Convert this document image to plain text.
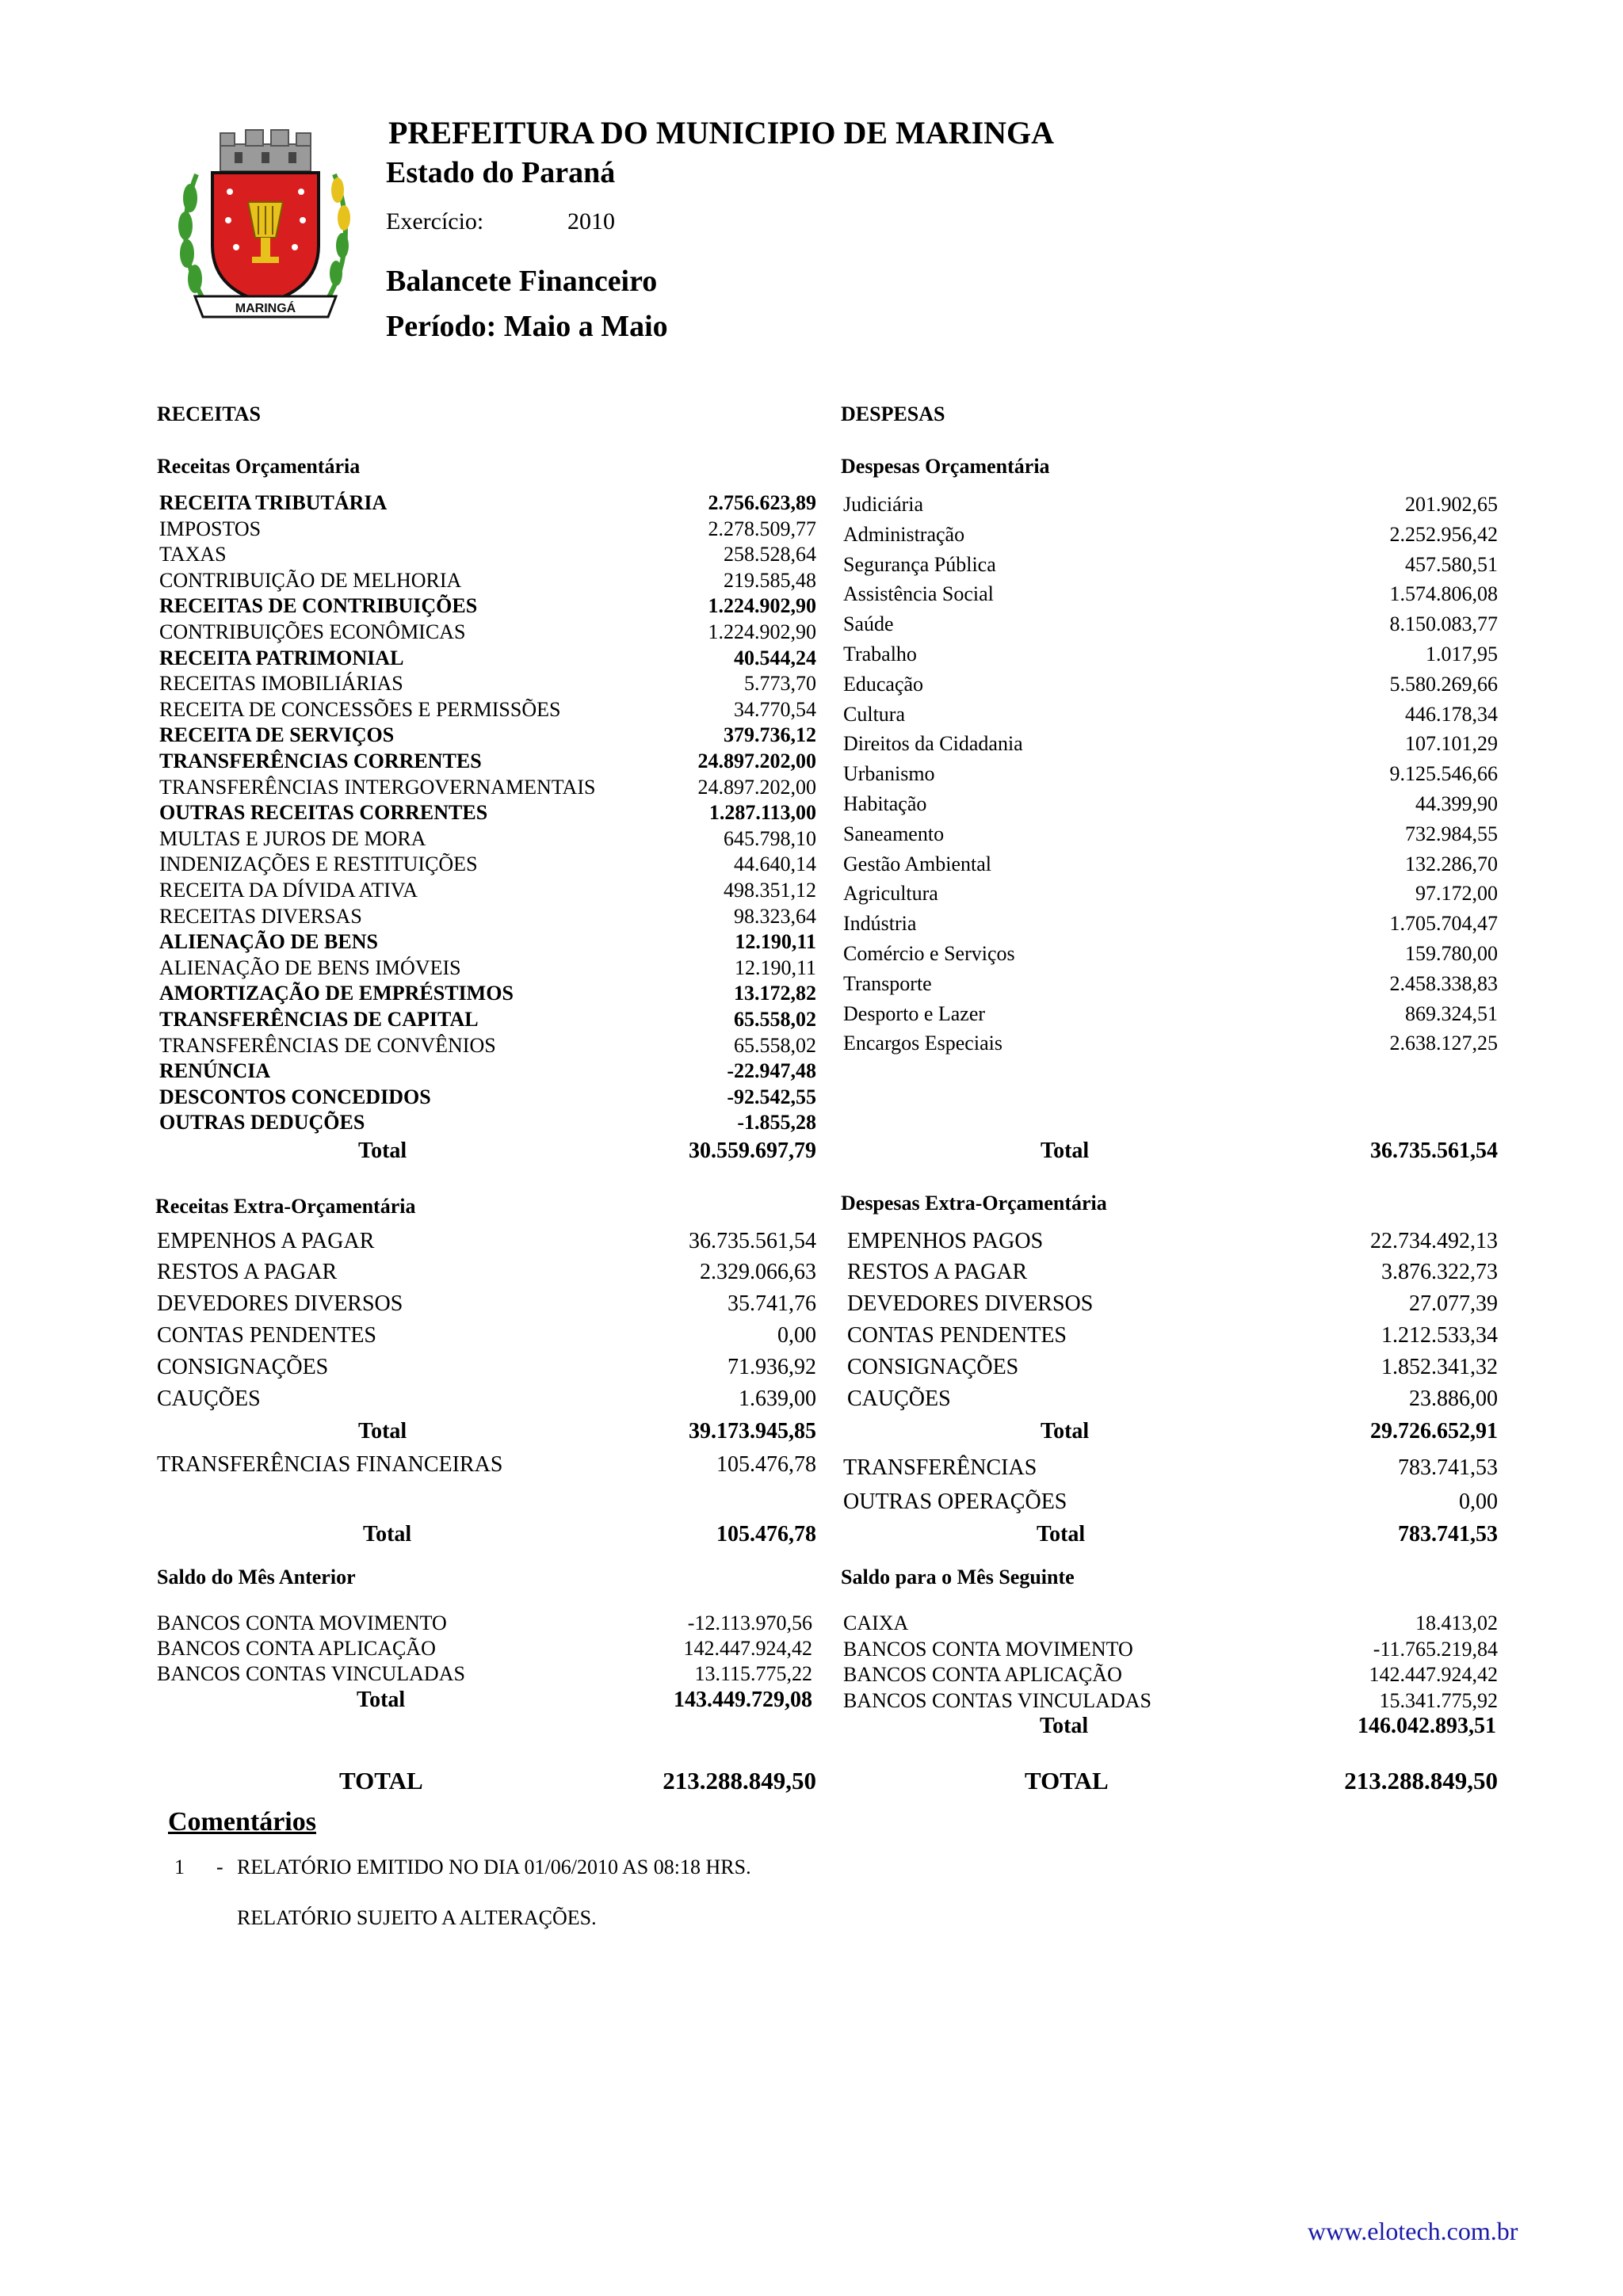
MARINGÁ
PREFEITURA DO MUNICIPIO DE MARINGA
Estado do Paraná
Exercício:	2010
Balancete Financeiro
Período: Maio a Maio
RECEITAS	DESPESAS
Receitas Orçamentária	Despesas Orçamentária
RECEITA TRIBUTÁRIA	2.756.623,89
IMPOSTOS	2.278.509,77
TAXAS	258.528,64
CONTRIBUIÇÃO DE MELHORIA	219.585,48
RECEITAS DE CONTRIBUIÇÕES	1.224.902,90
CONTRIBUIÇÕES ECONÔMICAS	1.224.902,90
RECEITA PATRIMONIAL	40.544,24
RECEITAS IMOBILIÁRIAS	5.773,70
RECEITA DE CONCESSÕES E PERMISSÕES	34.770,54
RECEITA DE SERVIÇOS	379.736,12
TRANSFERÊNCIAS CORRENTES	24.897.202,00
TRANSFERÊNCIAS INTERGOVERNAMENTAIS	24.897.202,00
OUTRAS RECEITAS CORRENTES	1.287.113,00
MULTAS E JUROS DE MORA	645.798,10
INDENIZAÇÕES E RESTITUIÇÕES	44.640,14
RECEITA DA DÍVIDA ATIVA	498.351,12
RECEITAS DIVERSAS	98.323,64
ALIENAÇÃO DE BENS	12.190,11
ALIENAÇÃO DE BENS IMÓVEIS	12.190,11
AMORTIZAÇÃO DE EMPRÉSTIMOS	13.172,82
TRANSFERÊNCIAS DE CAPITAL	65.558,02
TRANSFERÊNCIAS DE CONVÊNIOS	65.558,02
RENÚNCIA	-22.947,48
DESCONTOS CONCEDIDOS	-92.542,55
OUTRAS DEDUÇÕES	-1.855,28
Total	30.559.697,79
Judiciária	201.902,65
Administração	2.252.956,42
Segurança Pública	457.580,51
Assistência Social	1.574.806,08
Saúde	8.150.083,77
Trabalho	1.017,95
Educação	5.580.269,66
Cultura	446.178,34
Direitos da Cidadania	107.101,29
Urbanismo	9.125.546,66
Habitação	44.399,90
Saneamento	732.984,55
Gestão Ambiental	132.286,70
Agricultura	97.172,00
Indústria	1.705.704,47
Comércio e Serviços	159.780,00
Transporte	2.458.338,83
Desporto e Lazer	869.324,51
Encargos Especiais	2.638.127,25
Total	36.735.561,54
Receitas Extra-Orçamentária	Despesas Extra-Orçamentária
EMPENHOS A PAGAR	36.735.561,54
RESTOS A PAGAR	2.329.066,63
DEVEDORES DIVERSOS	35.741,76
CONTAS PENDENTES	0,00
CONSIGNAÇÕES	71.936,92
CAUÇÕES	1.639,00
EMPENHOS PAGOS	22.734.492,13
RESTOS A PAGAR	3.876.322,73
DEVEDORES DIVERSOS	27.077,39
CONTAS PENDENTES	1.212.533,34
CONSIGNAÇÕES	1.852.341,32
CAUÇÕES	23.886,00
Total	39.173.945,85	Total	29.726.652,91
TRANSFERÊNCIAS FINANCEIRAS	105.476,78 TRANSFERÊNCIAS	783.741,53
OUTRAS OPERAÇÕES	0,00
Total	105.476,78	Total	783.741,53
Saldo do Mês Anterior	Saldo para o Mês Seguinte
BANCOS CONTA MOVIMENTO	-12.113.970,56
BANCOS CONTA APLICAÇÃO	142.447.924,42
BANCOS CONTAS VINCULADAS	13.115.775,22
CAIXA	18.413,02
BANCOS CONTA MOVIMENTO	-11.765.219,84
BANCOS CONTA APLICAÇÃO	142.447.924,42
BANCOS CONTAS VINCULADAS	15.341.775,92
Total	143.449.729,08
Total	146.042.893,51
TOTAL	213.288.849,50	TOTAL	213.288.849,50
Comentários
1 - RELATÓRIO EMITIDO NO DIA 01/06/2010 AS 08:18 HRS.
RELATÓRIO SUJEITO A ALTERAÇÕES.
www.elotech.com.br
